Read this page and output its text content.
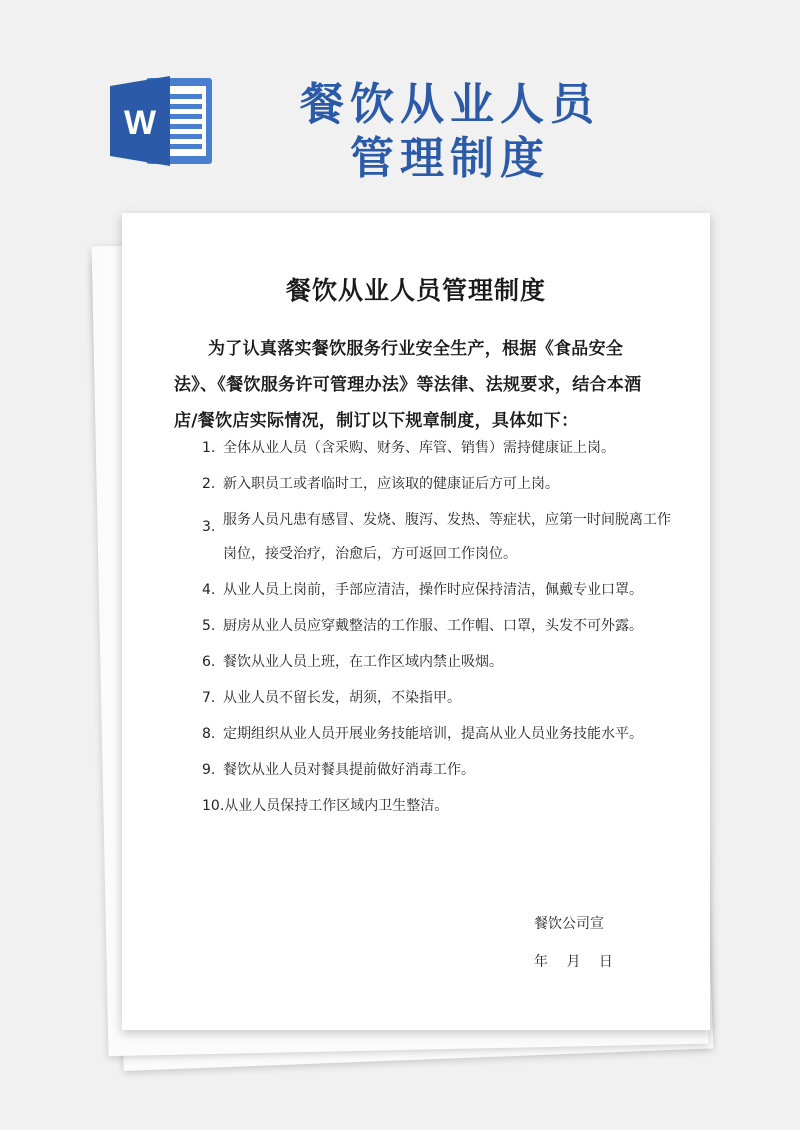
W	餐饮从业人员
管理制度
餐饮从业人员管理制度
为了认真落实餐饮服务行业安全生产，根据《食品安全法》、《餐饮服务许可管理办法》等法律、法规要求，结合本酒店/餐饮店实际情况，制订以下规章制度，具体如下：
1. 全体从业人员（含采购、财务、库管、销售）需持健康证上岗。
2. 新入职员工或者临时工，应该取的健康证后方可上岗。
3. 服务人员凡患有感冒、发烧、腹泻、发热、等症状，应第一时间脱离工作岗位，接受治疗，治愈后，方可返回工作岗位。
4. 从业人员上岗前，手部应清洁，操作时应保持清洁，佩戴专业口罩。
5. 厨房从业人员应穿戴整洁的工作服、工作帽、口罩，头发不可外露。
6. 餐饮从业人员上班，在工作区域内禁止吸烟。
7. 从业人员不留长发，胡须，不染指甲。
8. 定期组织从业人员开展业务技能培训，提高从业人员业务技能水平。
9. 餐饮从业人员对餐具提前做好消毒工作。
10.从业人员保持工作区域内卫生整洁。
餐饮公司宣
年 月 日
